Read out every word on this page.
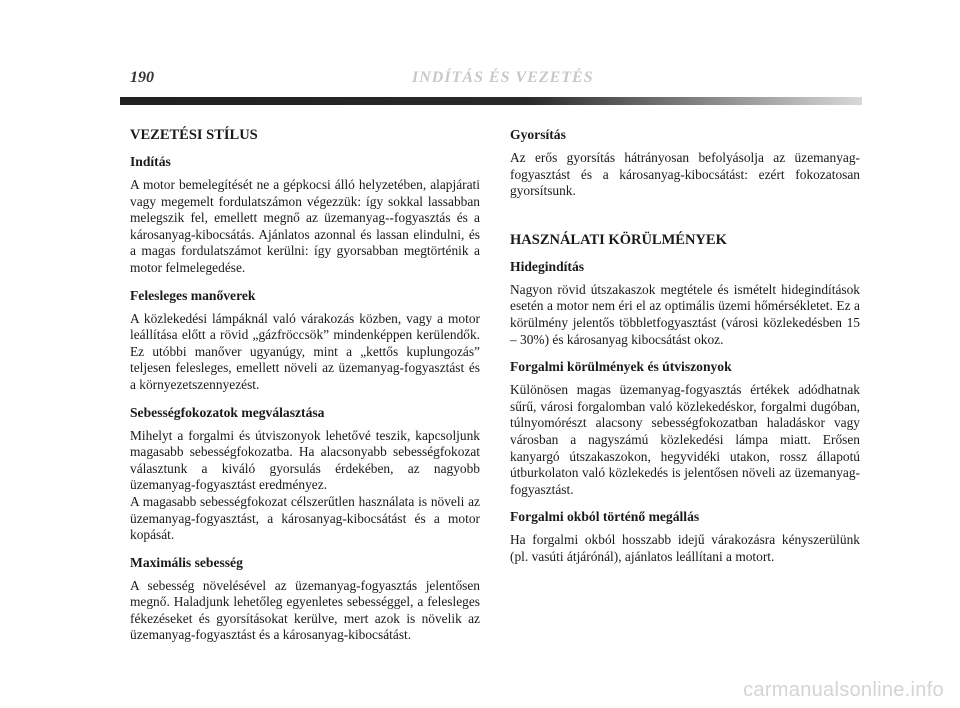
190	INDÍTÁS ÉS VEZETÉS
VEZETÉSI STÍLUS
Indítás

A motor bemelegítését ne a gépkocsi álló helyzetében, alapjárati vagy megemelt fordulatszámon végezzük: így sokkal lassabban melegszik fel, emellett megnő az üzemanyag--fogyasztás és a károsanyag-kibocsátás. Ajánlatos azonnal és lassan elindulni, és a magas fordulatszámot kerülni: így gyorsabban megtörténik a motor felmelegedése.

Felesleges manőverek

A közlekedési lámpáknál való várakozás közben, vagy a motor leállítása előtt a rövid „gázfröccsök” mindenképpen kerülendők. Ez utóbbi manőver ugyanúgy, mint a „kettős kuplungozás” teljesen felesleges, emellett növeli az üzemanyag-fogyasztást és a környezetszennyezést.

Sebességfokozatok megválasztása

Mihelyt a forgalmi és útviszonyok lehetővé teszik, kapcsoljunk magasabb sebességfokozatba. Ha alacsonyabb sebességfokozat választunk a kiváló gyorsulás érdekében, az nagyobb üzemanyag-fogyasztást eredményez.

A magasabb sebességfokozat célszerűtlen használata is növeli az üzemanyag-fogyasztást, a károsanyag-kibocsátást és a motor kopását.

Maximális sebesség

A sebesség növelésével az üzemanyag-fogyasztás jelentősen megnő. Haladjunk lehetőleg egyenletes sebességgel, a felesleges fékezéseket és gyorsításokat kerülve, mert azok is növelik az üzemanyag-fogyasztást és a károsanyag-kibocsátást.

Gyorsítás

Az erős gyorsítás hátrányosan befolyásolja az üzemanyag-fogyasztást és a károsanyag-kibocsátást: ezért fokozatosan gyorsítsunk.

HASZNÁLATI KÖRÜLMÉNYEK
Hidegindítás

Nagyon rövid útszakaszok megtétele és ismételt hidegindítások esetén a motor nem éri el az optimális üzemi hőmérsékletet. Ez a körülmény jelentős többletfogyasztást (városi közlekedésben 15 – 30%) és károsanyag kibocsátást okoz.

Forgalmi körülmények és útviszonyok

Különösen magas üzemanyag-fogyasztás értékek adódhatnak sűrű, városi forgalomban való közlekedéskor, forgalmi dugóban, túlnyomórészt alacsony sebességfokozatban haladáskor vagy városban a nagyszámú közlekedési lámpa miatt. Erősen kanyargó útszakaszokon, hegyvidéki utakon, rossz állapotú útburkolaton való közlekedés is jelentősen növeli az üzemanyag-fogyasztást.

Forgalmi okból történő megállás

Ha forgalmi okból hosszabb idejű várakozásra kényszerülünk (pl. vasúti átjárónál), ajánlatos leállítani a motort.

carmanualsonline.info
